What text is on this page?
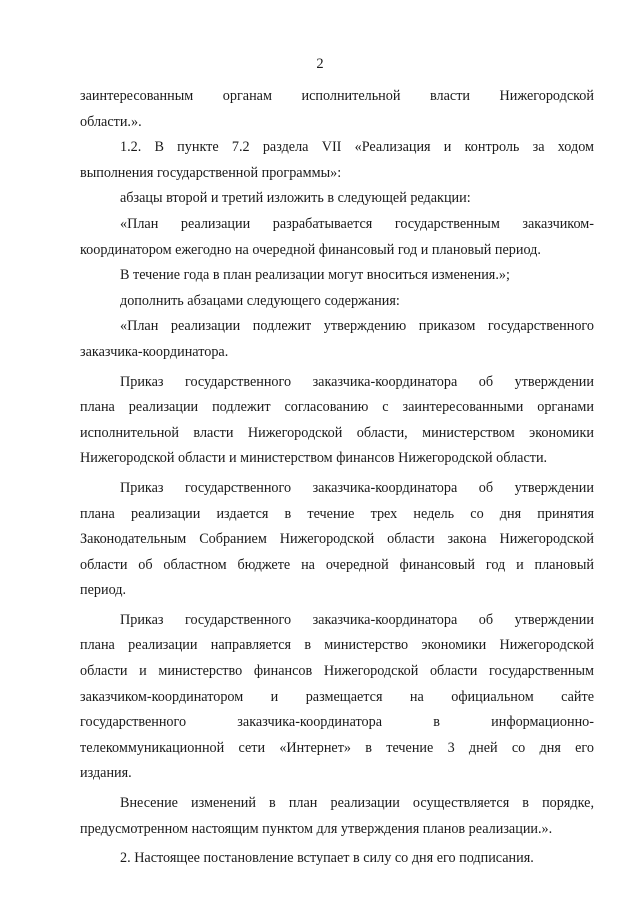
2

заинтересованным органам исполнительной власти Нижегородской
области.».

1.2. В пункте 7.2 раздела VII «Реализация и контроль за ходом
выполнения государственной программы»:

абзацы второй и третий изложить в следующей редакции:

«План реализации разрабатывается государственным заказчиком-
координатором ежегодно на очередной финансовый год и плановый период.

В течение года в план реализации могут вноситься изменения.»;

дополнить абзацами следующего содержания:

«План реализации подлежит утверждению приказом государственного
заказчика-координатора.

Приказ государственного заказчика-координатора об утверждении
плана реализации подлежит согласованию с заинтересованными органами
исполнительной власти Нижегородской области, министерством экономики
Нижегородской области и министерством финансов Нижегородской области.

Приказ государственного заказчика-координатора об утверждении
плана реализации издается в течение трех недель со дня принятия
Законодательным Собранием Нижегородской области закона Нижегородской
области об областном бюджете на очередной финансовый год и плановый
период.

Приказ государственного заказчика-координатора об утверждении
плана реализации направляется в министерство экономики Нижегородской
области и министерство финансов Нижегородской области государственным
заказчиком-координатором и размещается на официальном сайте
государственного заказчика-координатора в информационно-
телекоммуникационной сети «Интернет» в течение 3 дней со дня его
издания.

Внесение изменений в план реализации осуществляется в порядке,
предусмотренном настоящим пунктом для утверждения планов реализации.».

2. Настоящее постановление вступает в силу со дня его подписания.
